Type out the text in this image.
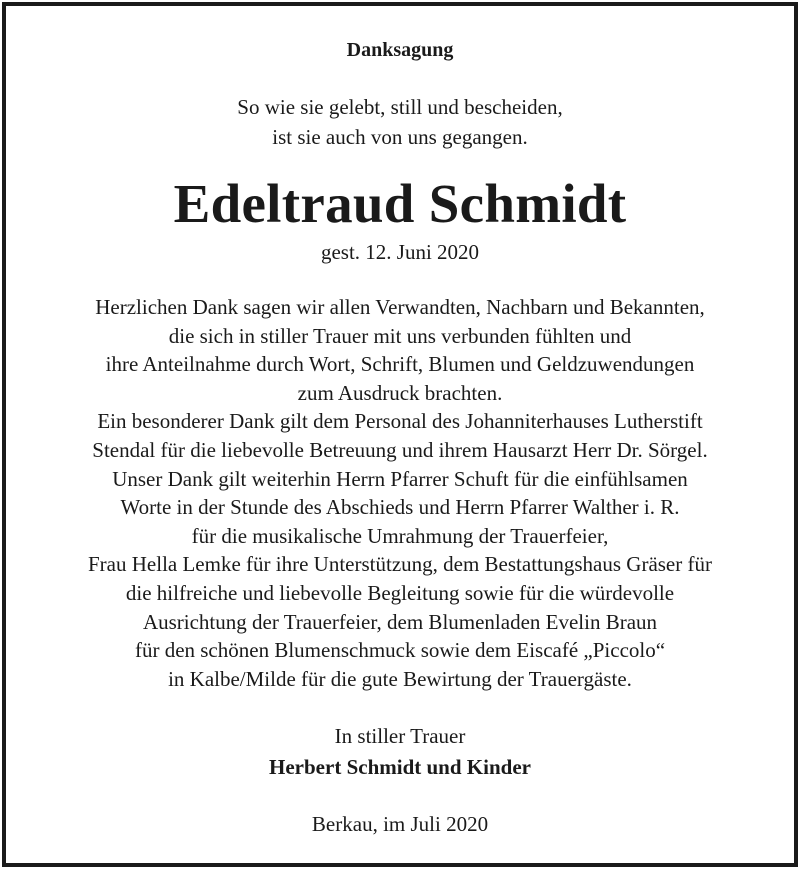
Danksagung
So wie sie gelebt, still und bescheiden,
ist sie auch von uns gegangen.
Edeltraud Schmidt
gest. 12. Juni 2020
Herzlichen Dank sagen wir allen Verwandten, Nachbarn und Bekannten,
die sich in stiller Trauer mit uns verbunden fühlten und
ihre Anteilnahme durch Wort, Schrift, Blumen und Geldzuwendungen
zum Ausdruck brachten.
Ein besonderer Dank gilt dem Personal des Johanniterhauses Lutherstift
Stendal für die liebevolle Betreuung und ihrem Hausarzt Herr Dr. Sörgel.
Unser Dank gilt weiterhin Herrn Pfarrer Schuft für die einfühlsamen
Worte in der Stunde des Abschieds und Herrn Pfarrer Walther i. R.
für die musikalische Umrahmung der Trauerfeier,
Frau Hella Lemke für ihre Unterstützung, dem Bestattungshaus Gräser für
die hilfreiche und liebevolle Begleitung sowie für die würdevolle
Ausrichtung der Trauerfeier, dem Blumenladen Evelin Braun
für den schönen Blumenschmuck sowie dem Eiscafé „Piccolo“
in Kalbe/Milde für die gute Bewirtung der Trauergäste.
In stiller Trauer
Herbert Schmidt und Kinder
Berkau, im Juli 2020
